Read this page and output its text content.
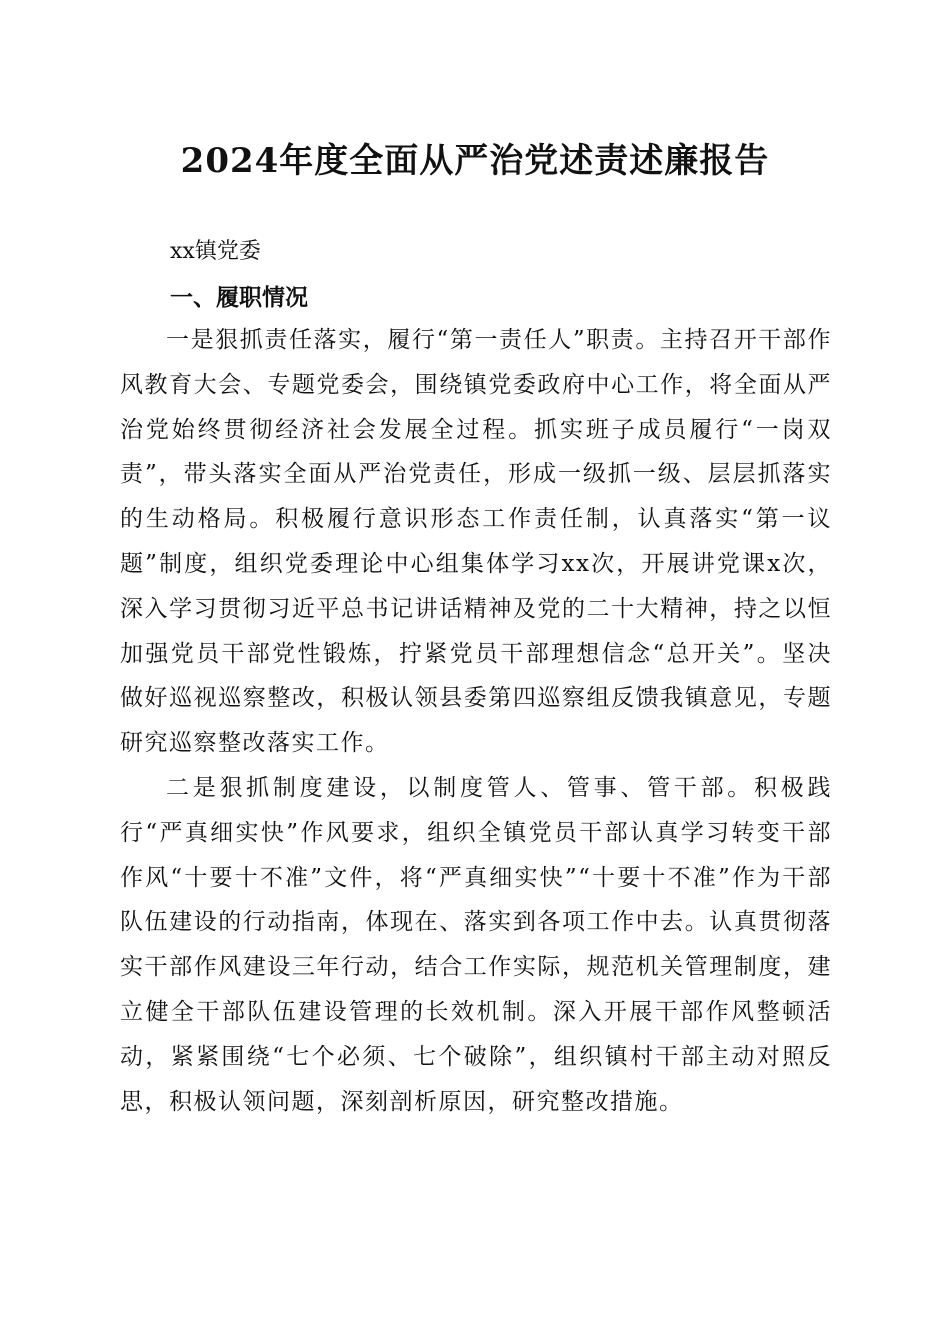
2024年度全面从严治党述责述廉报告

xx镇党委

一、履职情况

一是狠抓责任落实，履行“第一责任人”职责。主持召开干部作风教育大会、专题党委会，围绕镇党委政府中心工作，将全面从严治党始终贯彻经济社会发展全过程。抓实班子成员履行“一岗双责”，带头落实全面从严治党责任，形成一级抓一级、层层抓落实的生动格局。积极履行意识形态工作责任制，认真落实“第一议题”制度，组织党委理论中心组集体学习xx次，开展讲党课x次，深入学习贯彻习近平总书记讲话精神及党的二十大精神，持之以恒加强党员干部党性锻炼，拧紧党员干部理想信念“总开关”。坚决做好巡视巡察整改，积极认领县委第四巡察组反馈我镇意见，专题研究巡察整改落实工作。

二是狠抓制度建设，以制度管人、管事、管干部。积极践行“严真细实快”作风要求，组织全镇党员干部认真学习转变干部作风“十要十不准”文件，将“严真细实快”“十要十不准”作为干部队伍建设的行动指南，体现在、落实到各项工作中去。认真贯彻落实干部作风建设三年行动，结合工作实际，规范机关管理制度，建立健全干部队伍建设管理的长效机制。深入开展干部作风整顿活动，紧紧围绕“七个必须、七个破除”，组织镇村干部主动对照反思，积极认领问题，深刻剖析原因，研究整改措施。
